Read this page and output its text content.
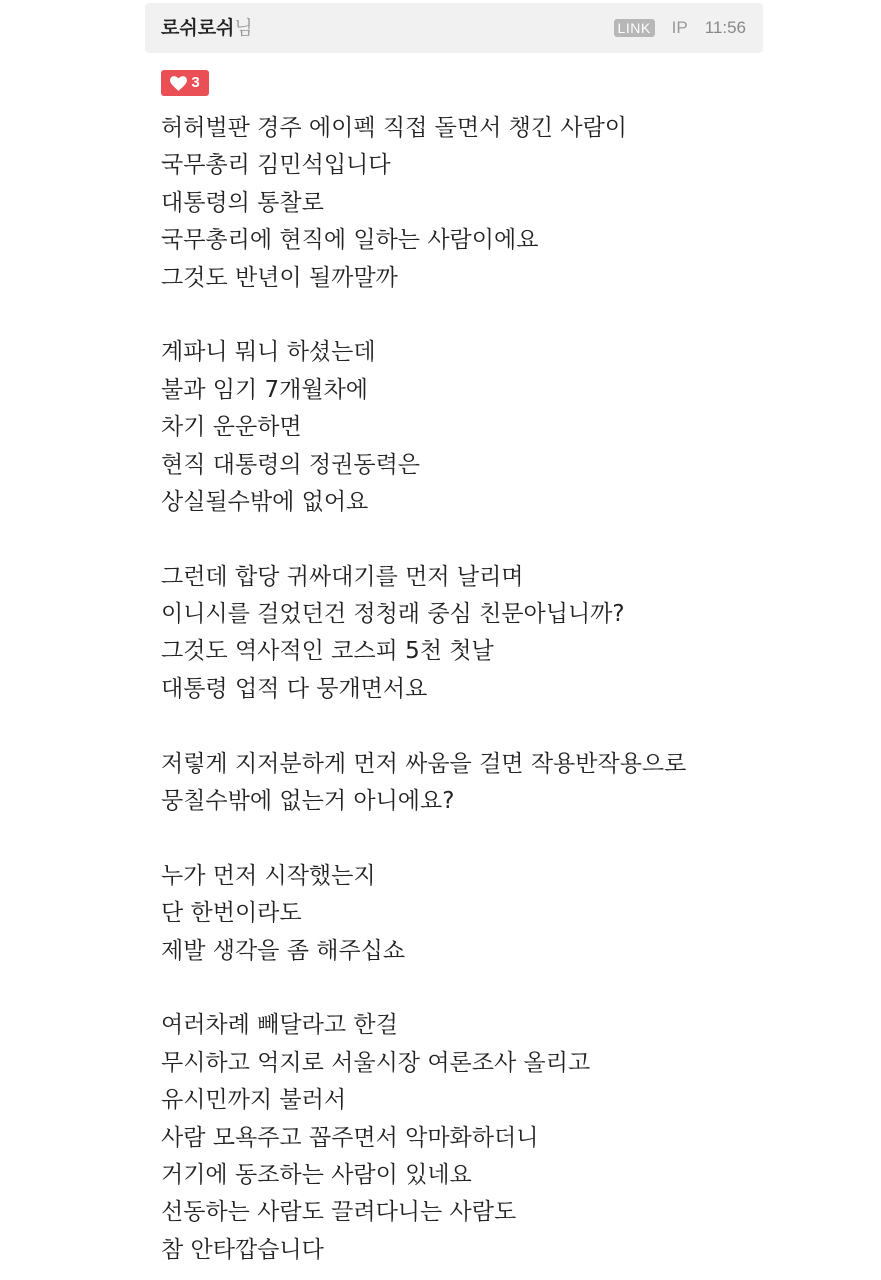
로쉬로쉬님	LINK IP 11:56
3
허허벌판 경주 에이펙 직접 돌면서 챙긴 사람이
국무총리 김민석입니다
대통령의 통찰로
국무총리에 현직에 일하는 사람이에요
그것도 반년이 될까말까
계파니 뭐니 하셨는데
불과 임기 7개월차에
차기 운운하면
현직 대통령의 정권동력은
상실될수밖에 없어요
그런데 합당 귀싸대기를 먼저 날리며
이니시를 걸었던건 정청래 중심 친문아닙니까?
그것도 역사적인 코스피 5천 첫날
대통령 업적 다 뭉개면서요
저렇게 지저분하게 먼저 싸움을 걸면 작용반작용으로
뭉칠수밖에 없는거 아니에요?
누가 먼저 시작했는지
단 한번이라도
제발 생각을 좀 해주십쇼
여러차례 빼달라고 한걸
무시하고 억지로 서울시장 여론조사 올리고
유시민까지 불러서
사람 모욕주고 꼽주면서 악마화하더니
거기에 동조하는 사람이 있네요
선동하는 사람도 끌려다니는 사람도
참 안타깝습니다
